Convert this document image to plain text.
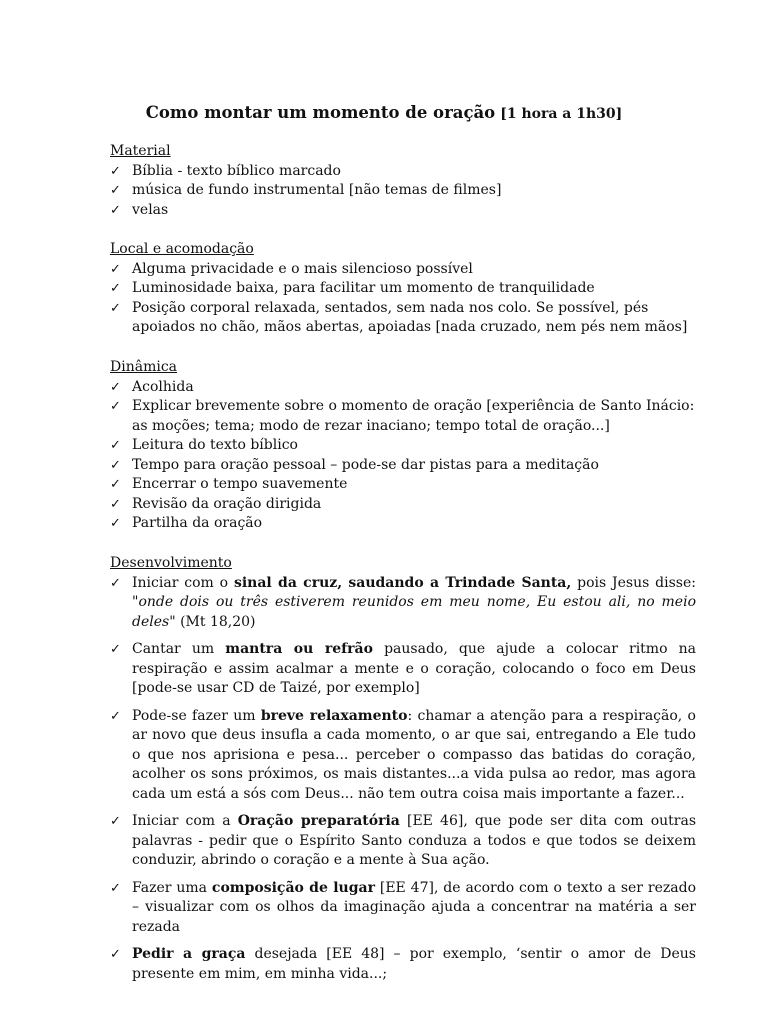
Como montar um momento de oração [1 hora a 1h30]
Material
✓ Bíblia - texto bíblico marcado
✓ música de fundo instrumental [não temas de filmes]
✓ velas
Local e acomodação
✓ Alguma privacidade e o mais silencioso possível
✓ Luminosidade baixa, para facilitar um momento de tranquilidade
✓ Posição corporal relaxada, sentados, sem nada nos colo. Se possível, pés apoiados no chão, mãos abertas, apoiadas [nada cruzado, nem pés nem mãos]
Dinâmica
✓ Acolhida
✓ Explicar brevemente sobre o momento de oração [experiência de Santo Inácio: as moções; tema; modo de rezar inaciano; tempo total de oração...]
✓ Leitura do texto bíblico
✓ Tempo para oração pessoal – pode-se dar pistas para a meditação
✓ Encerrar o tempo suavemente
✓ Revisão da oração dirigida
✓ Partilha da oração
Desenvolvimento
✓ Iniciar com o sinal da cruz, saudando a Trindade Santa, pois Jesus disse: "onde dois ou três estiverem reunidos em meu nome, Eu estou ali, no meio deles" (Mt 18,20)
✓ Cantar um mantra ou refrão pausado, que ajude a colocar ritmo na respiração e assim acalmar a mente e o coração, colocando o foco em Deus [pode-se usar CD de Taizé, por exemplo]
✓ Pode-se fazer um breve relaxamento: chamar a atenção para a respiração, o ar novo que deus insufla a cada momento, o ar que sai, entregando a Ele tudo o que nos aprisiona e pesa... perceber o compasso das batidas do coração, acolher os sons próximos, os mais distantes...a vida pulsa ao redor, mas agora cada um está a sós com Deus... não tem outra coisa mais importante a fazer...
✓ Iniciar com a Oração preparatória [EE 46], que pode ser dita com outras palavras - pedir que o Espírito Santo conduza a todos e que todos se deixem conduzir, abrindo o coração e a mente à Sua ação.
✓ Fazer uma composição de lugar [EE 47], de acordo com o texto a ser rezado – visualizar com os olhos da imaginação ajuda a concentrar na matéria a ser rezada
✓ Pedir a graça desejada [EE 48] – por exemplo, ‘sentir o amor de Deus presente em mim, em minha vida...;
